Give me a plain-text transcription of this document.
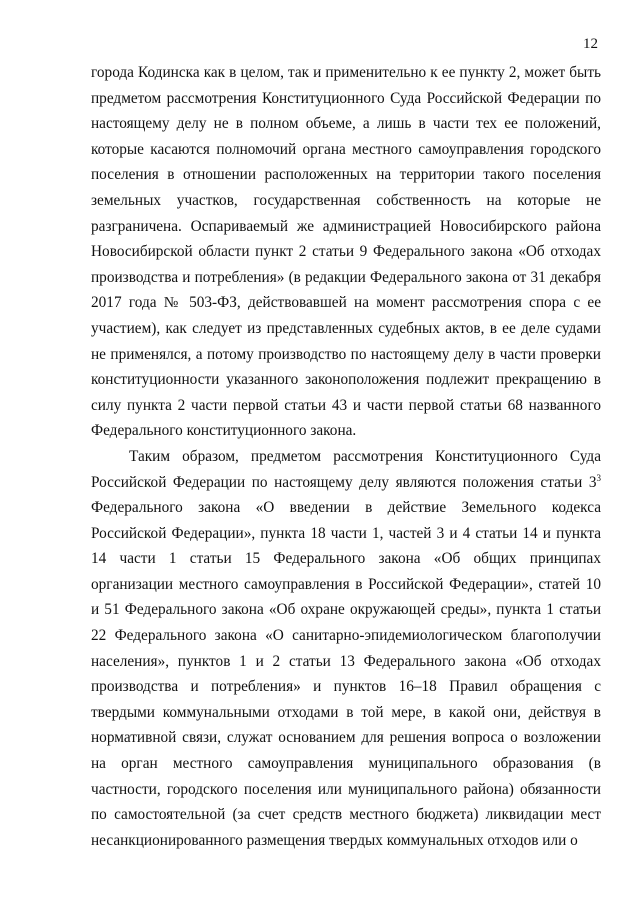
12

города Кодинска как в целом, так и применительно к ее пункту 2, может быть
предметом рассмотрения Конституционного Суда Российской Федерации по
настоящему делу не в полном объеме, а лишь в части тех ее положений,
которые касаются полномочий органа местного самоуправления городского
поселения в отношении расположенных на территории такого поселения
земельных участков, государственная собственность на которые не
разграничена. Оспариваемый же администрацией Новосибирского района
Новосибирской области пункт 2 статьи 9 Федерального закона «Об отходах
производства и потребления» (в редакции Федерального закона от 31 декабря
2017 года № 503-ФЗ, действовавшей на момент рассмотрения спора с ее
участием), как следует из представленных судебных актов, в ее деле судами
не применялся, а потому производство по настоящему делу в части проверки
конституционности указанного законоположения подлежит прекращению в
силу пункта 2 части первой статьи 43 и части первой статьи 68 названного
Федерального конституционного закона.

Таким образом, предметом рассмотрения Конституционного Суда
Российской Федерации по настоящему делу являются положения статьи $3^3$
Федерального закона «О введении в действие Земельного кодекса
Российской Федерации», пункта 18 части 1, частей 3 и 4 статьи 14 и пункта
14 части 1 статьи 15 Федерального закона «Об общих принципах
организации местного самоуправления в Российской Федерации», статей 10
и 51 Федерального закона «Об охране окружающей среды», пункта 1 статьи
22 Федерального закона «О санитарно-эпидемиологическом благополучии
населения», пунктов 1 и 2 статьи 13 Федерального закона «Об отходах
производства и потребления» и пунктов 16–18 Правил обращения с
твердыми коммунальными отходами в той мере, в какой они, действуя в
нормативной связи, служат основанием для решения вопроса о возложении
на орган местного самоуправления муниципального образования (в
частности, городского поселения или муниципального района) обязанности
по самостоятельной (за счет средств местного бюджета) ликвидации мест
несанкционированного размещения твердых коммунальных отходов или о
